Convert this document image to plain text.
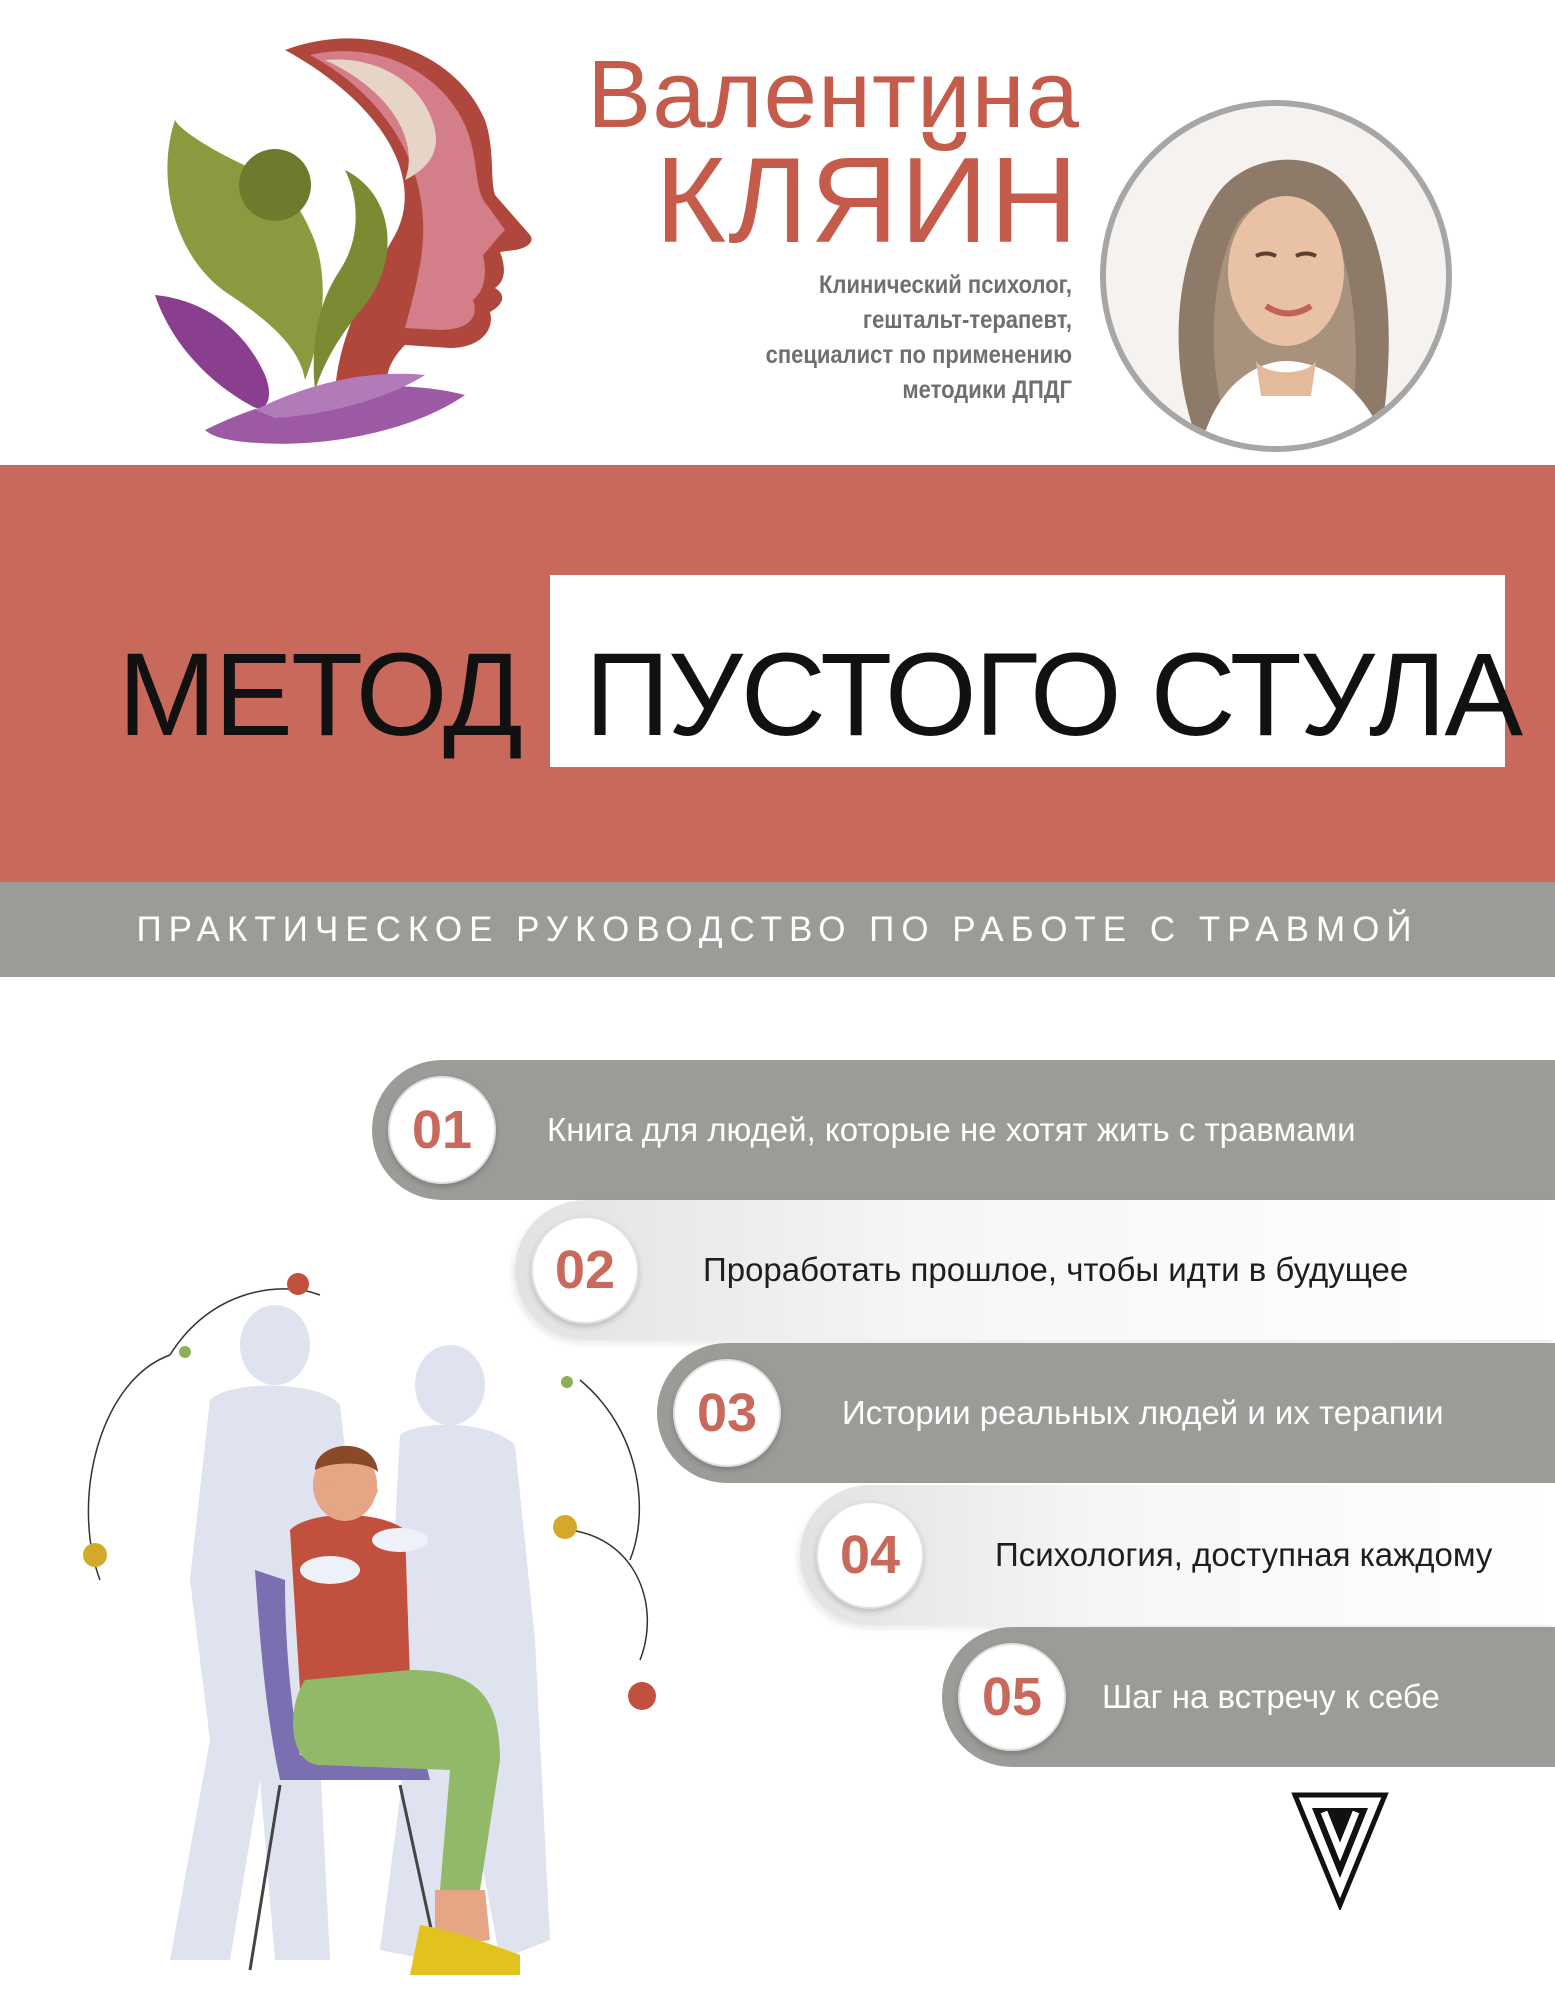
Валентина
КЛЯЙН
Клинический психолог,
гештальт-терапевт,
специалист по применению
методики ДПДГ
МЕТОД ПУСТОГО СТУЛА
ПРАКТИЧЕСКОЕ РУКОВОДСТВО ПО РАБОТЕ С ТРАВМОЙ
01	Книга для людей, которые не хотят жить с травмами
02	Проработать прошлое, чтобы идти в будущее
03	Истории реальных людей и их терапии
04	Психология, доступная каждому
05	Шаг на встречу к себе
